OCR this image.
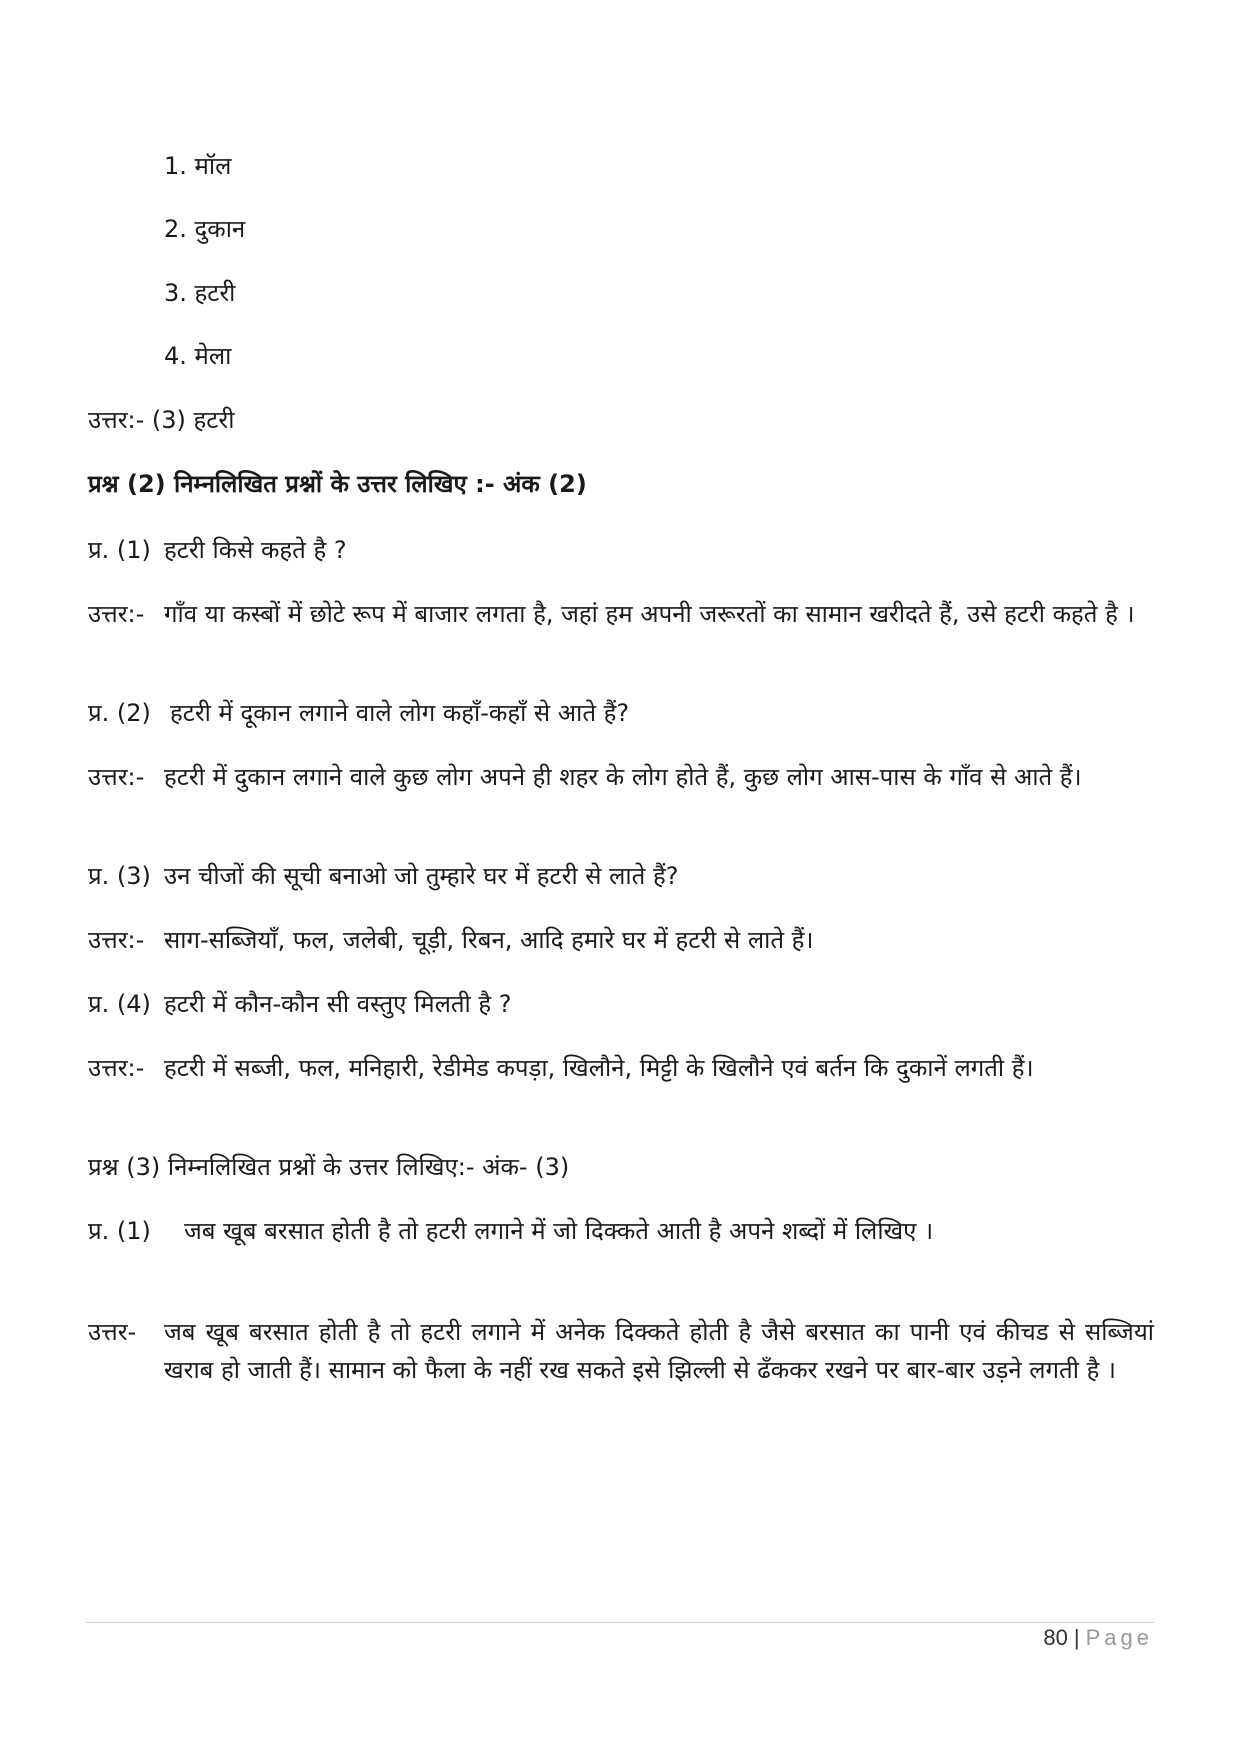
1. मॉल
2. दुकान
3. हटरी
4. मेला
उत्तर:- (3) हटरी
प्रश्न (2) निम्नलिखित प्रश्नों के उत्तर लिखिए :- अंक (2)
प्र. (1) हटरी किसे कहते है ?
उत्तर:- गाँव या कस्बों में छोटे रूप में बाजार लगता है, जहां हम अपनी जरूरतों का सामान खरीदते हैं, उसे हटरी कहते है ।
प्र. (2) हटरी में दूकान लगाने वाले लोग कहाँ-कहाँ से आते हैं?
उत्तर:- हटरी में दुकान लगाने वाले कुछ लोग अपने ही शहर के लोग होते हैं, कुछ लोग आस-पास के गाँव से आते हैं।
प्र. (3) उन चीजों की सूची बनाओ जो तुम्हारे घर में हटरी से लाते हैं?
उत्तर:- साग-सब्जियाँ, फल, जलेबी, चूड़ी, रिबन, आदि हमारे घर में हटरी से लाते हैं।
प्र. (4) हटरी में कौन-कौन सी वस्तुए मिलती है ?
उत्तर:- हटरी में सब्जी, फल, मनिहारी, रेडीमेड कपड़ा, खिलौने, मिट्टी के खिलौने एवं बर्तन कि दुकानें लगती हैं।
प्रश्न (3) निम्नलिखित प्रश्नों के उत्तर लिखिए:- अंक- (3)
प्र. (1) जब खूब बरसात होती है तो हटरी लगाने में जो दिक्कते आती है अपने शब्दों में लिखिए ।
उत्तर- जब खूब बरसात होती है तो हटरी लगाने में अनेक दिक्कते होती है जैसे बरसात का पानी एवं कीचड से सब्जियां खराब हो जाती हैं। सामान को फैला के नहीं रख सकते इसे झिल्ली से ढँककर रखने पर बार-बार उड़ने लगती है ।
80 | Page
